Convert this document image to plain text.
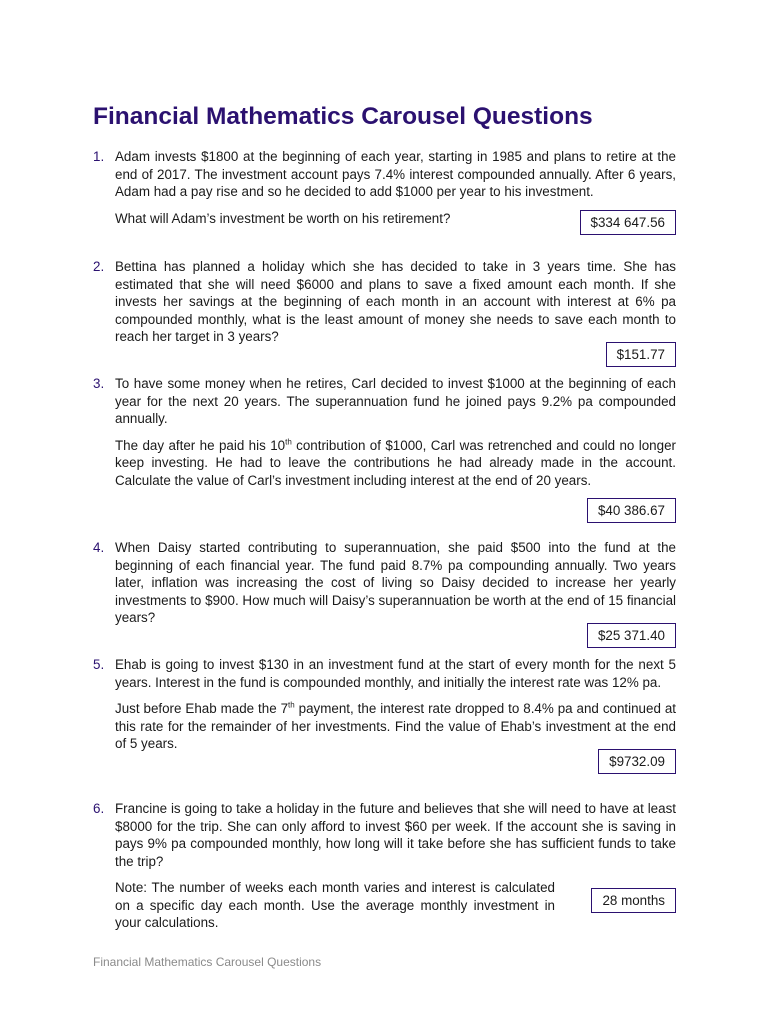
Financial Mathematics Carousel Questions
1. Adam invests $1800 at the beginning of each year, starting in 1985 and plans to retire at the end of 2017. The investment account pays 7.4% interest compounded annually. After 6 years, Adam had a pay rise and so he decided to add $1000 per year to his investment.

What will Adam’s investment be worth on his retirement?	$334 647.56
2. Bettina has planned a holiday which she has decided to take in 3 years time. She has estimated that she will need $6000 and plans to save a fixed amount each month. If she invests her savings at the beginning of each month in an account with interest at 6% pa compounded monthly, what is the least amount of money she needs to save each month to reach her target in 3 years?

$151.77
3. To have some money when he retires, Carl decided to invest $1000 at the beginning of each year for the next 20 years. The superannuation fund he joined pays 9.2% pa compounded annually.

The day after he paid his 10th contribution of $1000, Carl was retrenched and could no longer keep investing. He had to leave the contributions he had already made in the account. Calculate the value of Carl’s investment including interest at the end of 20 years.

$40 386.67
4. When Daisy started contributing to superannuation, she paid $500 into the fund at the beginning of each financial year. The fund paid 8.7% pa compounding annually. Two years later, inflation was increasing the cost of living so Daisy decided to increase her yearly investments to $900. How much will Daisy’s superannuation be worth at the end of 15 financial years?

$25 371.40
5. Ehab is going to invest $130 in an investment fund at the start of every month for the next 5 years. Interest in the fund is compounded monthly, and initially the interest rate was 12% pa.

Just before Ehab made the 7th payment, the interest rate dropped to 8.4% pa and continued at this rate for the remainder of her investments. Find the value of Ehab’s investment at the end of 5 years.

$9732.09
6. Francine is going to take a holiday in the future and believes that she will need to have at least $8000 for the trip. She can only afford to invest $60 per week. If the account she is saving in pays 9% pa compounded monthly, how long will it take before she has sufficient funds to take the trip?

Note: The number of weeks each month varies and interest is calculated on a specific day each month. Use the average monthly investment in your calculations.
28 months
Financial Mathematics Carousel Questions
